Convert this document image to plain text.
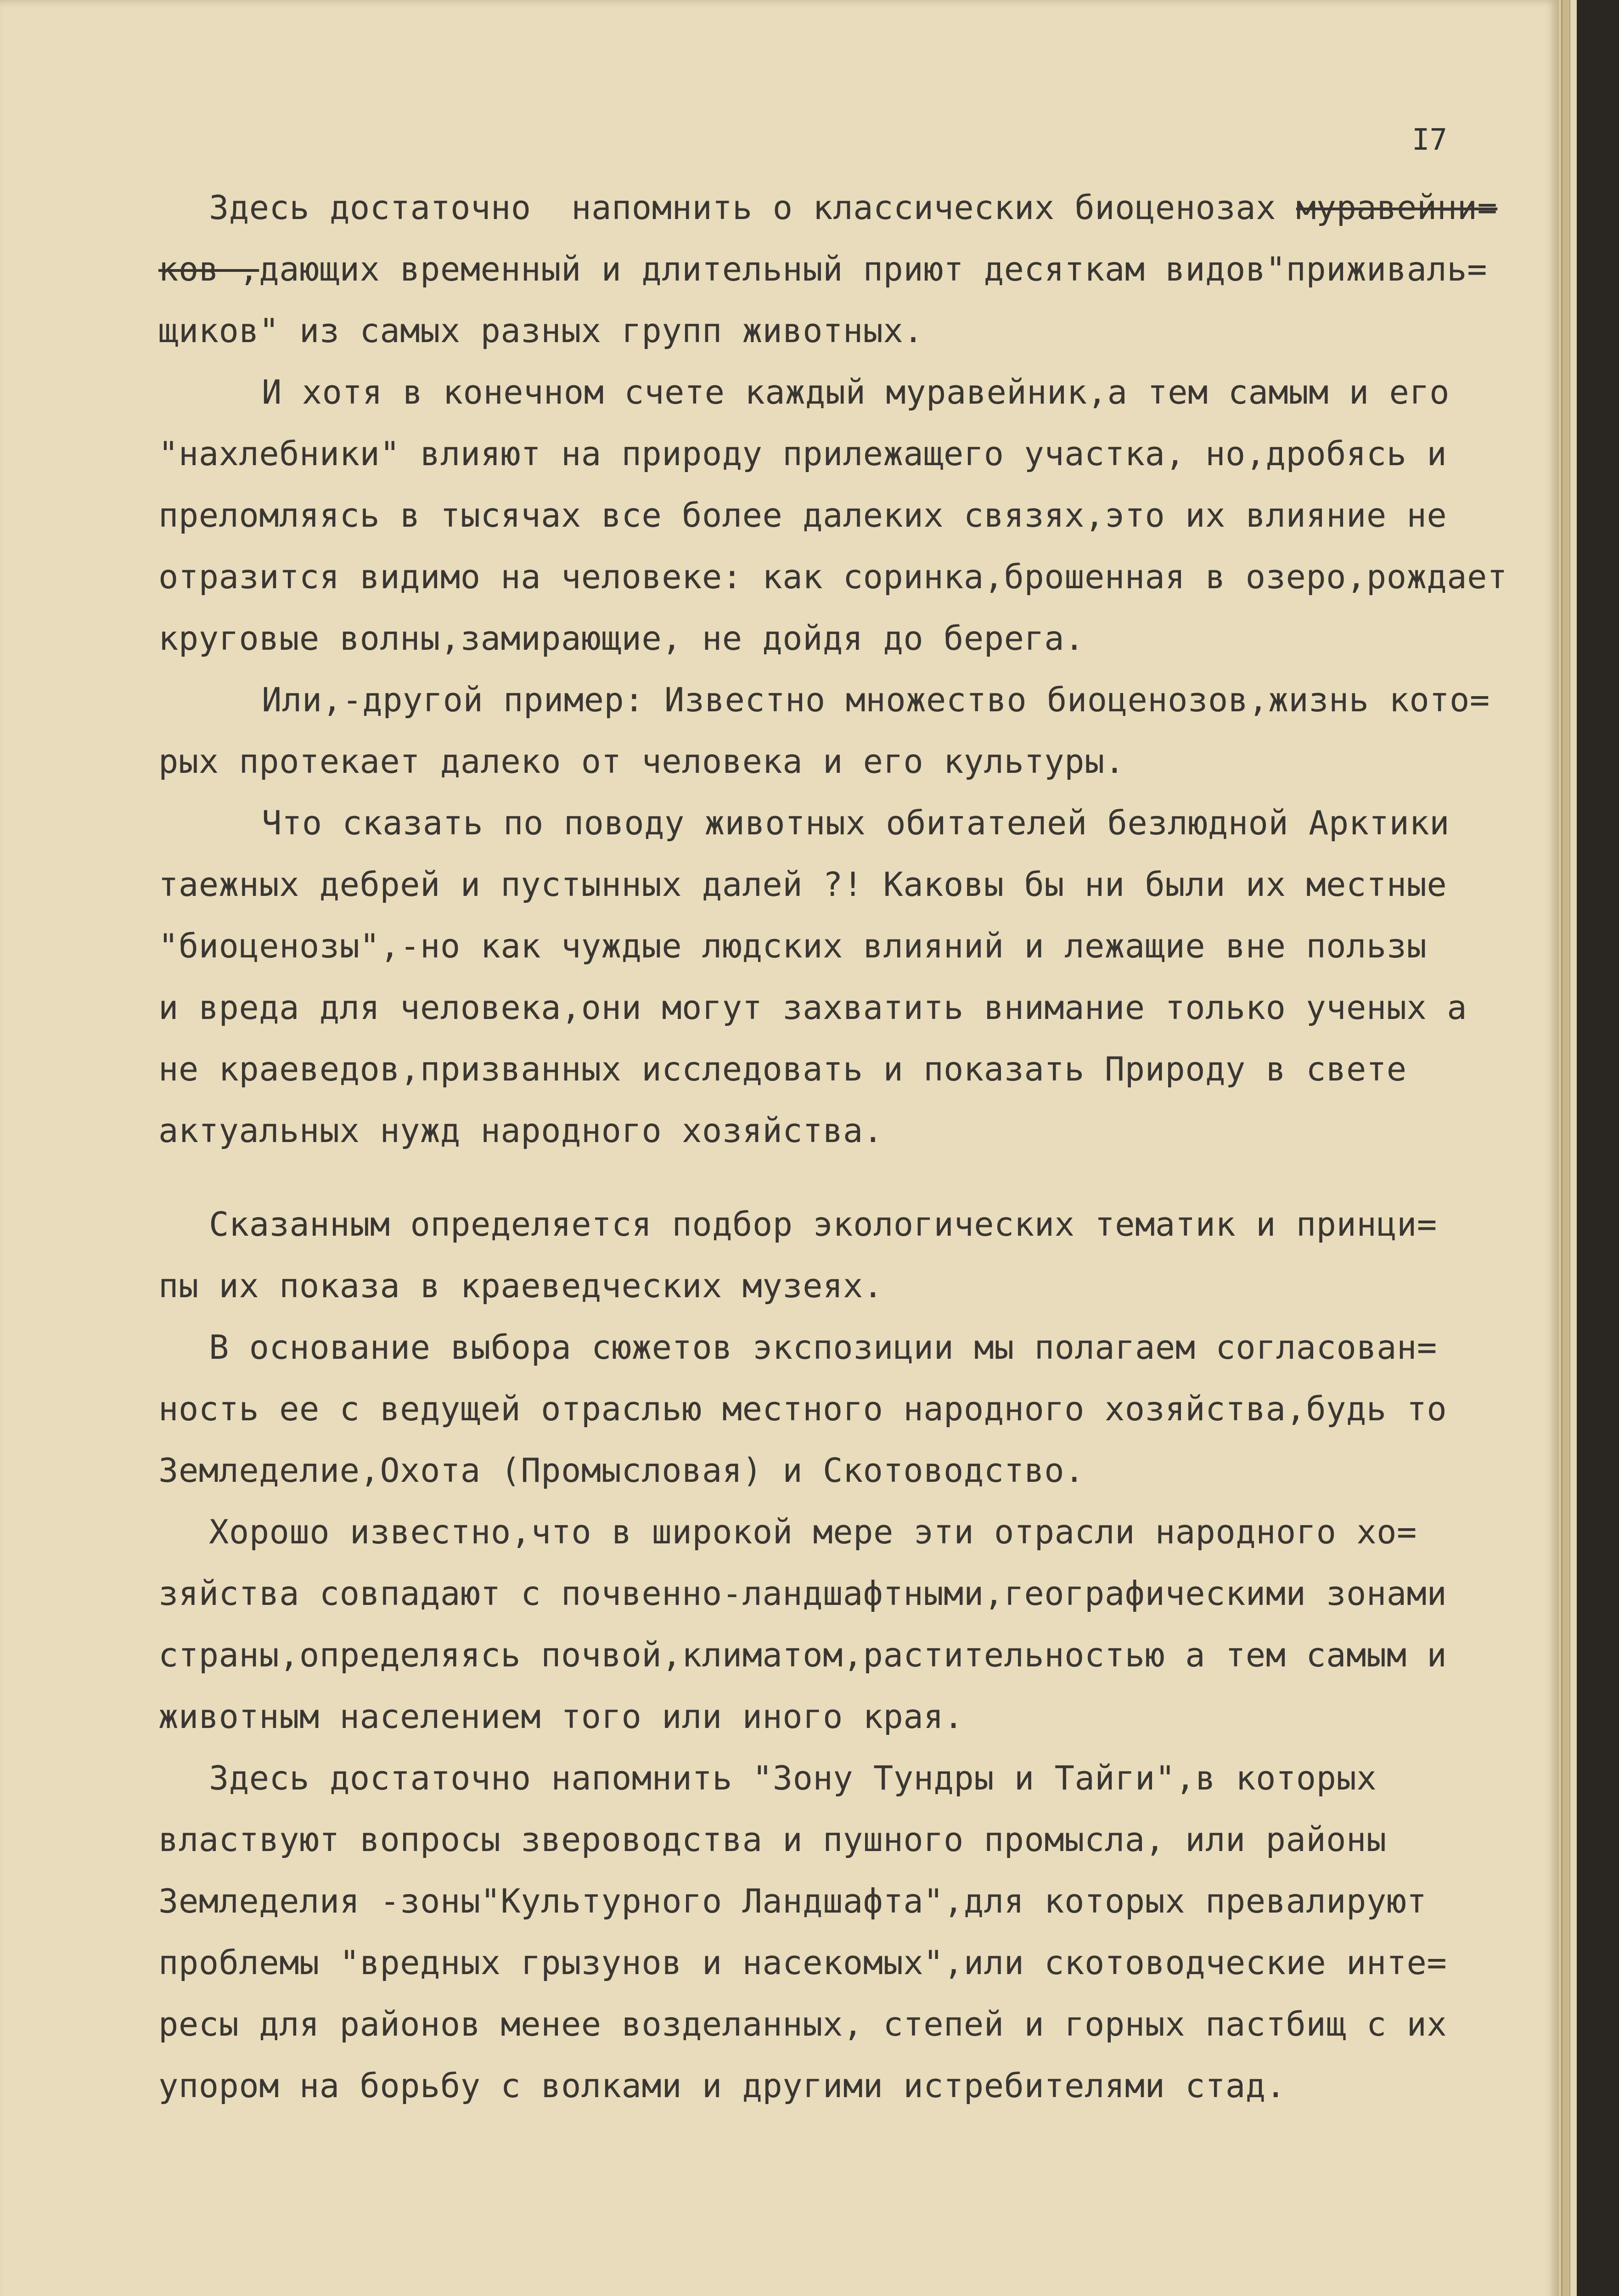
I7
Здесь достаточно  напомнить о классических биоценозах муравейни=
ков ,дающих временный и длительный приют десяткам видов"приживаль=
щиков" из самых разных групп животных.
И хотя в конечном счете каждый муравейник,а тем самым и его
"нахлебники" влияют на природу прилежащего участка, но,дробясь и
преломляясь в тысячах все более далеких связях,это их влияние не
отразится видимо на человеке: как соринка,брошенная в озеро,рождает
круговые волны,замирающие, не дойдя до берега.
Или,-другой пример: Известно множество биоценозов,жизнь кото=
рых протекает далеко от человека и его культуры.
Что сказать по поводу животных обитателей безлюдной Арктики
таежных дебрей и пустынных далей ?! Каковы бы ни были их местные
"биоценозы",-но как чуждые людских влияний и лежащие вне пользы
и вреда для человека,они могут захватить внимание только ученых а
не краеведов,призванных исследовать и показать Природу в свете
актуальных нужд народного хозяйства.
Сказанным определяется подбор экологических тематик и принци=
пы их показа в краеведческих музеях.
В основание выбора сюжетов экспозиции мы полагаем согласован=
ность ее с ведущей отраслью местного народного хозяйства,будь то
Земледелие,Охота (Промысловая) и Скотоводство.
Хорошо известно,что в широкой мере эти отрасли народного хо=
зяйства совпадают с почвенно-ландшафтными,географическими зонами
страны,определяясь почвой,климатом,растительностью а тем самым и
животным населением того или иного края.
Здесь достаточно напомнить "Зону Тундры и Тайги",в которых
властвуют вопросы звероводства и пушного промысла, или районы
Земледелия -зоны"Культурного Ландшафта",для которых превалируют
проблемы "вредных грызунов и насекомых",или скотоводческие инте=
ресы для районов менее возделанных, степей и горных пастбищ с их
упором на борьбу с волками и другими истребителями стад.
